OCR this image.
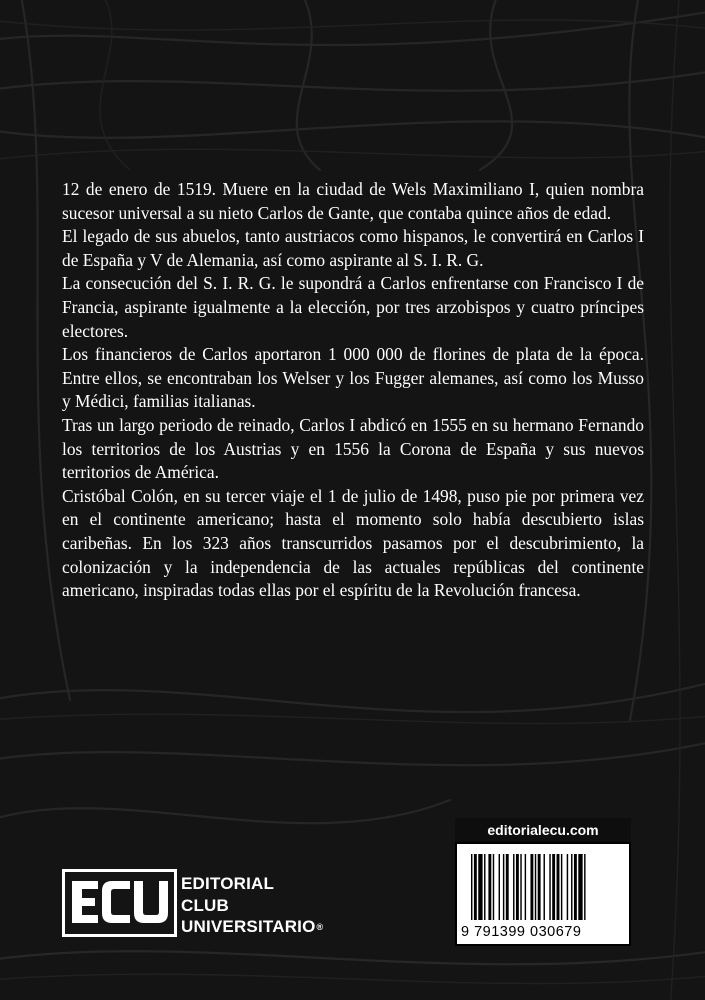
12 de enero de 1519. Muere en la ciudad de Wels Maximiliano I, quien nombra sucesor universal a su nieto Carlos de Gante, que contaba quince años de edad.

El legado de sus abuelos, tanto austriacos como hispanos, le convertirá en Carlos I de España y V de Alemania, así como aspirante al S. I. R. G.

La consecución del S. I. R. G. le supondrá a Carlos enfrentarse con Francisco I de Francia, aspirante igualmente a la elección, por tres arzobispos y cuatro príncipes electores.

Los financieros de Carlos aportaron 1 000 000 de florines de plata de la época. Entre ellos, se encontraban los Welser y los Fugger alemanes, así como los Musso y Médici, familias italianas.

Tras un largo periodo de reinado, Carlos I abdicó en 1555 en su hermano Fernando los territorios de los Austrias y en 1556 la Corona de España y sus nuevos territorios de América.

Cristóbal Colón, en su tercer viaje el 1 de julio de 1498, puso pie por primera vez en el continente americano; hasta el momento solo había descubierto islas caribeñas. En los 323 años transcurridos pasamos por el descubrimiento, la colonización y la independencia de las actuales repúblicas del continente americano, inspiradas todas ellas por el espíritu de la Revolución francesa.

EDITORIAL
CLUB
UNIVERSITARIO®
editorialecu.com
9 791399 030679
